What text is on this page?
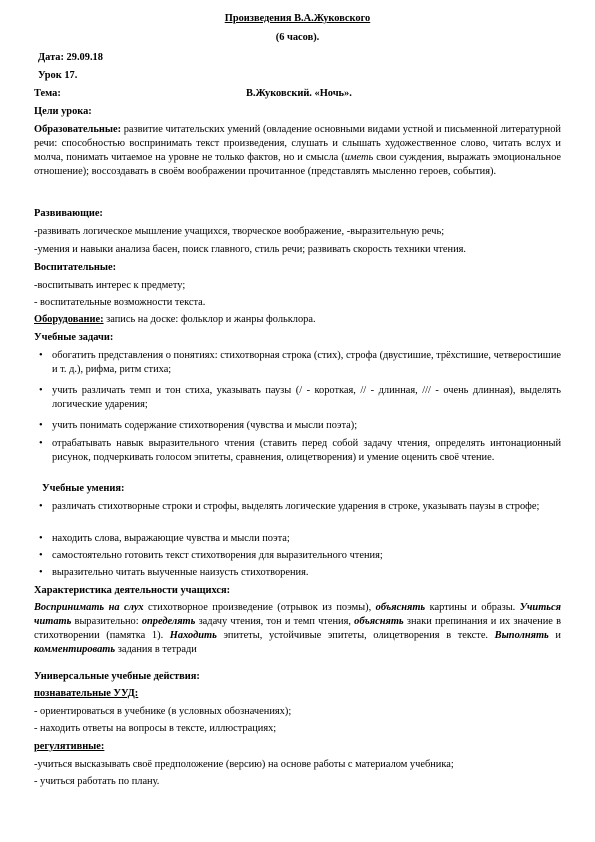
Произведения В.А.Жуковского
(6 часов).
Дата: 29.09.18
Урок 17.
Тема:	В.Жуковский. «Ночь».
Цели урока:
Образовательные: развитие читательских умений (овладение основными видами устной и письменной литературной речи: способностью воспринимать текст произведения, слушать и слышать художественное слово, читать вслух и молча, понимать читаемое на уровне не только фактов, но и смысла (иметь свои суждения, выражать эмоциональное отношение); воссоздавать в своём воображении прочитанное (представлять мысленно героев, события).
Развивающие:
-развивать логическое мышление учащихся, творческое воображение, -выразительную речь;
-умения и навыки анализа басен, поиск главного, стиль речи; развивать скорость техники чтения.
Воспитательные:
-воспитывать интерес к предмету;
- воспитательные возможности текста.
Оборудование: запись на доске: фольклор и жанры фольклора.
Учебные задачи:
• обогатить представления о понятиях: стихотворная строка (стих), строфа (двустишие, трёхстишие, четверостишие и т. д.), рифма, ритм стиха;
• учить различать темп и тон стиха, указывать паузы (/ - короткая, // - длинная, /// - очень длинная), выделять логические ударения;
• учить понимать содержание стихотворения (чувства и мысли поэта);
• отрабатывать навык выразительного чтения (ставить перед собой задачу чтения, определять интонационный рисунок, подчеркивать голосом эпитеты, сравнения, олицетворения) и умение оценить своё чтение.
Учебные умения:
• различать стихотворные строки и строфы, выделять логические ударения в строке, указывать паузы в строфе;
• находить слова, выражающие чувства и мысли поэта;
• самостоятельно готовить текст стихотворения для выразительного чтения;
• выразительно читать выученные наизусть стихотворения.
Характеристика деятельности учащихся:
Воспринимать на слух стихотворное произведение (отрывок из поэмы), объяснять картины и образы. Учиться читать выразительно: определять задачу чтения, тон и темп чтения, объяснять знаки препинания и их значение в стихотворении (памятка 1). Находить эпитеты, устойчивые эпитеты, олицетворения в тексте. Выполнять и комментировать задания в тетради
Универсальные учебные действия:
познавательные УУД:
- ориентироваться в учебнике (в условных обозначениях);
- находить ответы на вопросы в тексте, иллюстрациях;
регулятивные:
-учиться высказывать своё предположение (версию) на основе работы с материалом учебника;
- учиться работать по плану.
